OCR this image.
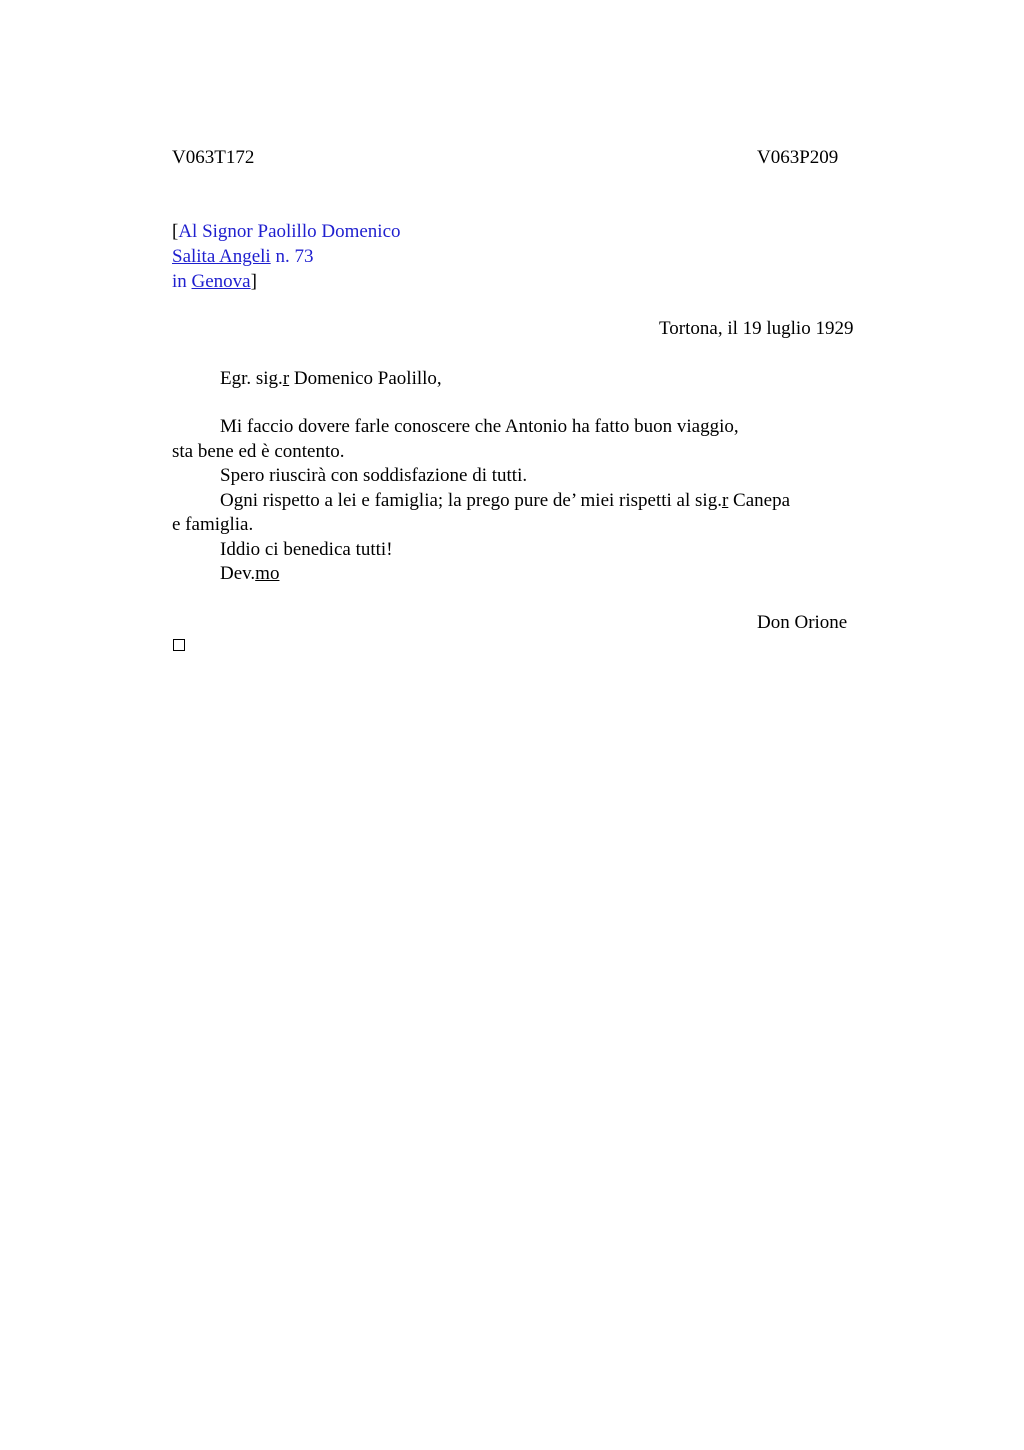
V063T172	V063P209
[Al Signor Paolillo Domenico
Salita Angeli n. 73
in Genova]
Tortona, il 19 luglio 1929
Egr. sig.r Domenico Paolillo,
Mi faccio dovere farle conoscere che Antonio ha fatto buon viaggio,
sta bene ed è contento.
Spero riuscirà con soddisfazione di tutti.
Ogni rispetto a lei e famiglia; la prego pure de’ miei rispetti al sig.r Canepa
e famiglia.
Iddio ci benedica tutti!
Dev.mo
Don Orione
